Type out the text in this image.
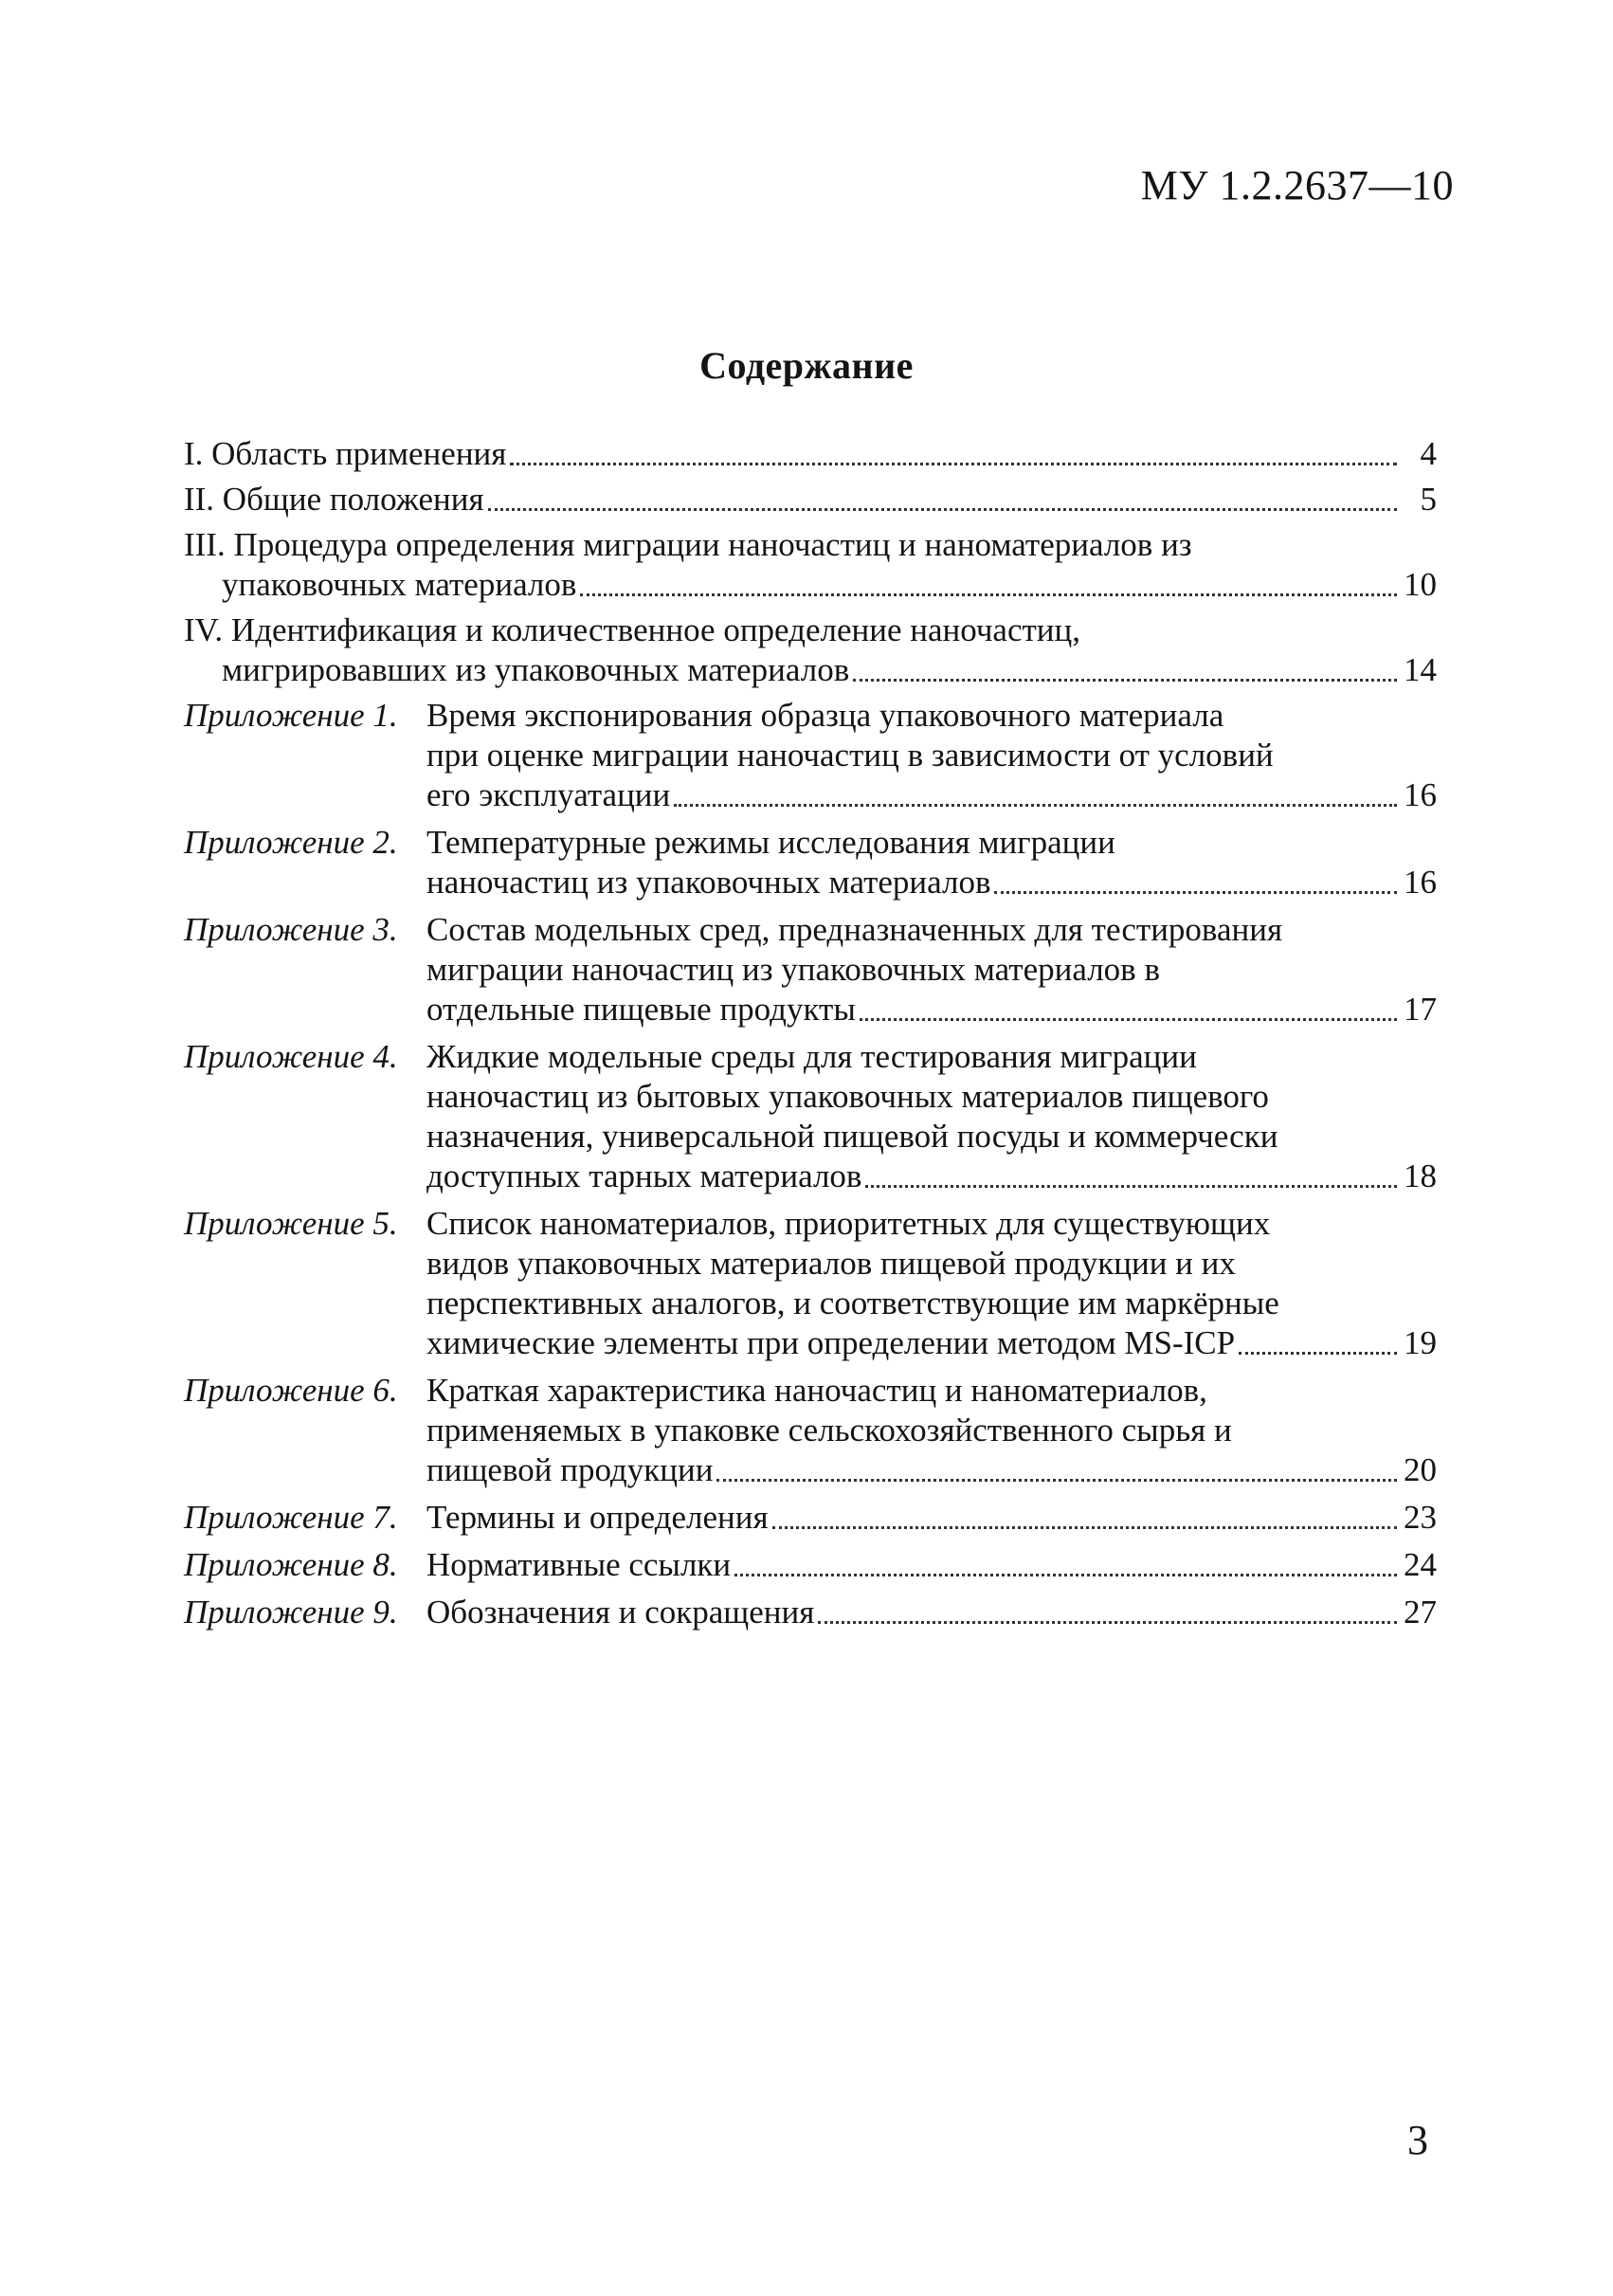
МУ 1.2.2637—10
Содержание
I. Область применения	4
II. Общие положения	5
III. Процедура определения миграции наночастиц и наноматериалов из
упаковочных материалов	10
IV. Идентификация и количественное определение наночастиц,
мигрировавших из упаковочных материалов	14
Приложение 1. Время экспонирования образца упаковочного материала
при оценке миграции наночастиц в зависимости от условий
его эксплуатации	16
Приложение 2. Температурные режимы исследования миграции
наночастиц из упаковочных материалов	16
Приложение 3. Состав модельных сред, предназначенных для тестирования
миграции наночастиц из упаковочных материалов в
отдельные пищевые продукты	17
Приложение 4. Жидкие модельные среды для тестирования миграции
наночастиц из бытовых упаковочных материалов пищевого
назначения, универсальной пищевой посуды и коммерчески
доступных тарных материалов	18
Приложение 5. Список наноматериалов, приоритетных для существующих
видов упаковочных материалов пищевой продукции и их
перспективных аналогов, и соответствующие им маркёрные
химические элементы при определении методом MS-ICP	19
Приложение 6. Краткая характеристика наночастиц и наноматериалов,
применяемых в упаковке сельскохозяйственного сырья и
пищевой продукции	20
Приложение 7. Термины и определения	23
Приложение 8. Нормативные ссылки	24
Приложение 9. Обозначения и сокращения	27
3
